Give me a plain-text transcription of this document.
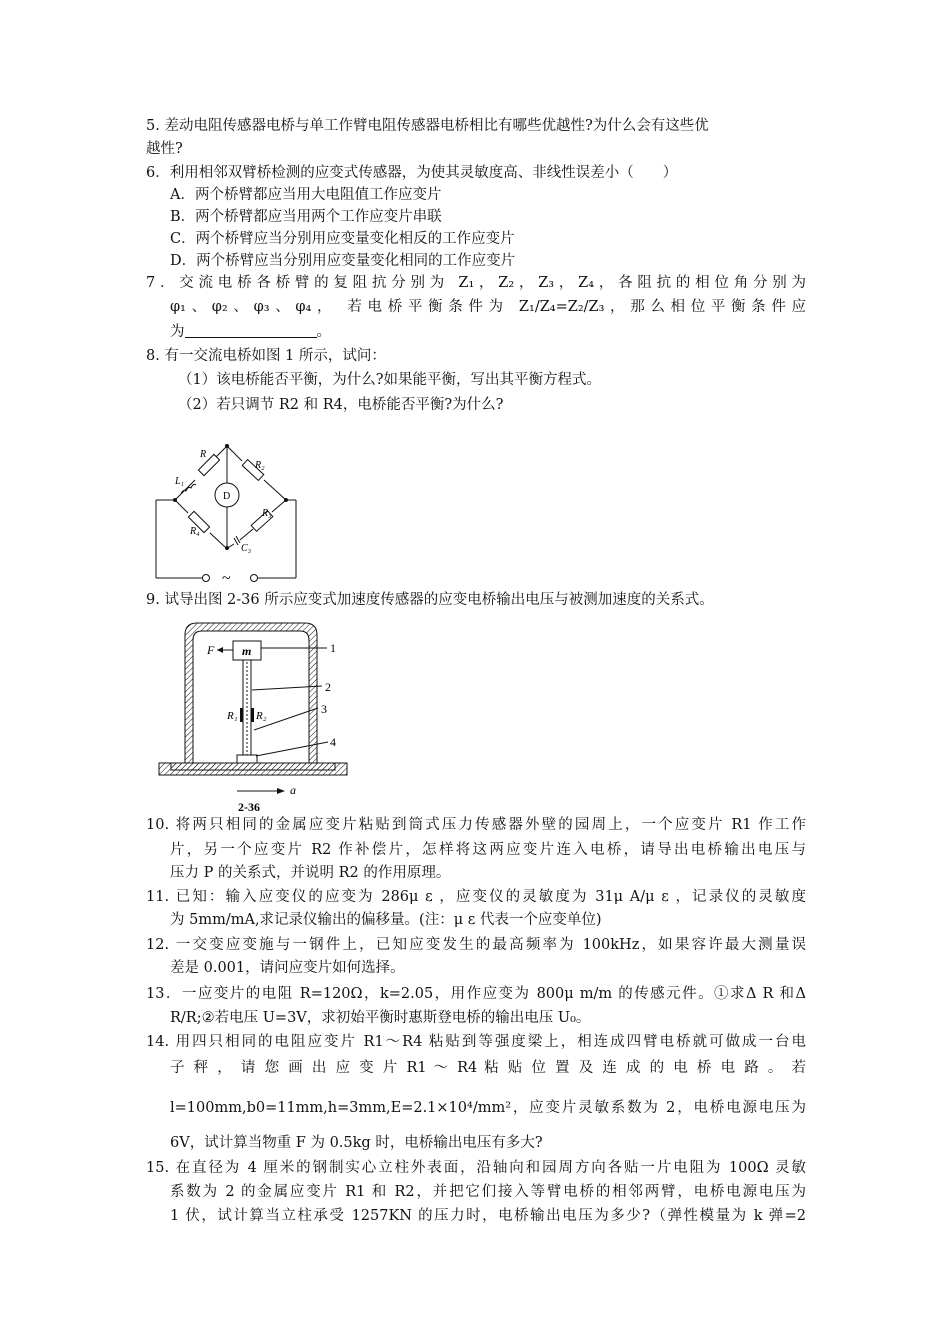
5. 差动电阻传感器电桥与单工作臂电阻传感器电桥相比有哪些优越性?为什么会有这些优
越性?
6．利用相邻双臂桥检测的应变式传感器，为使其灵敏度高、非线性误差小（　　）
A．两个桥臂都应当用大电阻值工作应变片
B．两个桥臂都应当用两个工作应变片串联
C．两个桥臂应当分别用应变量变化相反的工作应变片
D．两个桥臂应当分别用应变量变化相同的工作应变片
7．交流电桥各桥臂的复阻抗分别为 Z₁，Z₂，Z₃，Z₄，各阻抗的相位角分别为
φ₁、φ₂、φ₃、φ₄， 若电桥平衡条件为 Z₁/Z₄=Z₂/Z₃，那么相位平衡条件应
为	。
8. 有一交流电桥如图 1 所示，试问：
（1）该电桥能否平衡，为什么?如果能平衡，写出其平衡方程式。
（2）若只调节 R2 和 R4，电桥能否平衡?为什么?
R
R₂
L₁
D
R₄
R₃
C₃
~
9. 试导出图 2-36 所示应变式加速度传感器的应变电桥输出电压与被测加速度的关系式。
m
F	1
2
3
4
R₁ R₂
a
2-36
10. 将两只相同的金属应变片粘贴到筒式压力传感器外壁的园周上，一个应变片 R1 作工作
片，另一个应变片 R2 作补偿片，怎样将这两应变片连入电桥，请导出电桥输出电压与
压力 P 的关系式，并说明 R2 的作用原理。
11. 已知：输入应变仪的应变为 286μ ε ，应变仪的灵敏度为 31μ A/μ ε ，记录仪的灵敏度
为 5mm/mA,求记录仪输出的偏移量。(注：μ ε 代表一个应变单位)
12. 一交变应变施与一钢件上，已知应变发生的最高频率为 100kHz，如果容许最大测量误
差是 0.001，请问应变片如何选择。
13．一应变片的电阻 R=120Ω，k=2.05，用作应变为 800μ m/m 的传感元件。①求Δ R 和Δ
R/R;②若电压 U=3V，求初始平衡时惠斯登电桥的输出电压 U₀。
14. 用四只相同的电阻应变片 R1～R4 粘贴到等强度梁上，相连成四臂电桥就可做成一台电
子 秤 ， 请 您 画 出 应 变 片 R1 ～ R4 粘 贴 位 置 及 连 成 的 电 桥 电 路 。 若
l=100mm,b0=11mm,h=3mm,E=2.1×10⁴/mm²，应变片灵敏系数为 2，电桥电源电压为
6V，试计算当物重 F 为 0.5kg 时，电桥输出电压有多大?
15. 在直径为 4 厘米的钢制实心立柱外表面，沿轴向和园周方向各贴一片电阻为 100Ω 灵敏
系数为 2 的金属应变片 R1 和 R2，并把它们接入等臂电桥的相邻两臂，电桥电源电压为
1 伏，试计算当立柱承受 1257KN 的压力时，电桥输出电压为多少?（弹性模量为 k 弹=2
